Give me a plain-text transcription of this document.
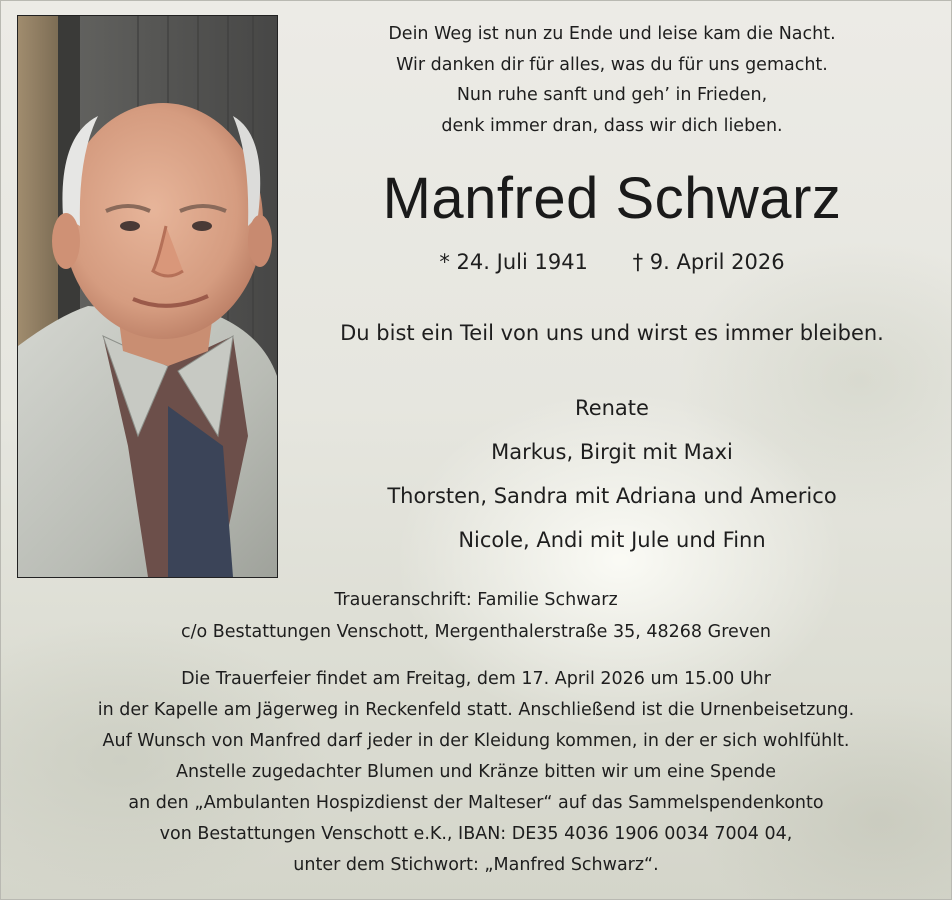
Dein Weg ist nun zu Ende und leise kam die Nacht.
Wir danken dir für alles, was du für uns gemacht.
Nun ruhe sanft und geh’ in Frieden,
denk immer dran, dass wir dich lieben.
Manfred Schwarz
* 24. Juli 1941 † 9. April 2026
Du bist ein Teil von uns und wirst es immer bleiben.
Renate
Markus, Birgit mit Maxi
Thorsten, Sandra mit Adriana und Americo
Nicole, Andi mit Jule und Finn
Traueranschrift: Familie Schwarz
c/o Bestattungen Venschott, Mergenthalerstraße 35, 48268 Greven
Die Trauerfeier findet am Freitag, dem 17. April 2026 um 15.00 Uhr
in der Kapelle am Jägerweg in Reckenfeld statt. Anschließend ist die Urnenbeisetzung.
Auf Wunsch von Manfred darf jeder in der Kleidung kommen, in der er sich wohlfühlt.
Anstelle zugedachter Blumen und Kränze bitten wir um eine Spende
an den „Ambulanten Hospizdienst der Malteser“ auf das Sammelspendenkonto
von Bestattungen Venschott e.K., IBAN: DE35 4036 1906 0034 7004 04,
unter dem Stichwort: „Manfred Schwarz“.
